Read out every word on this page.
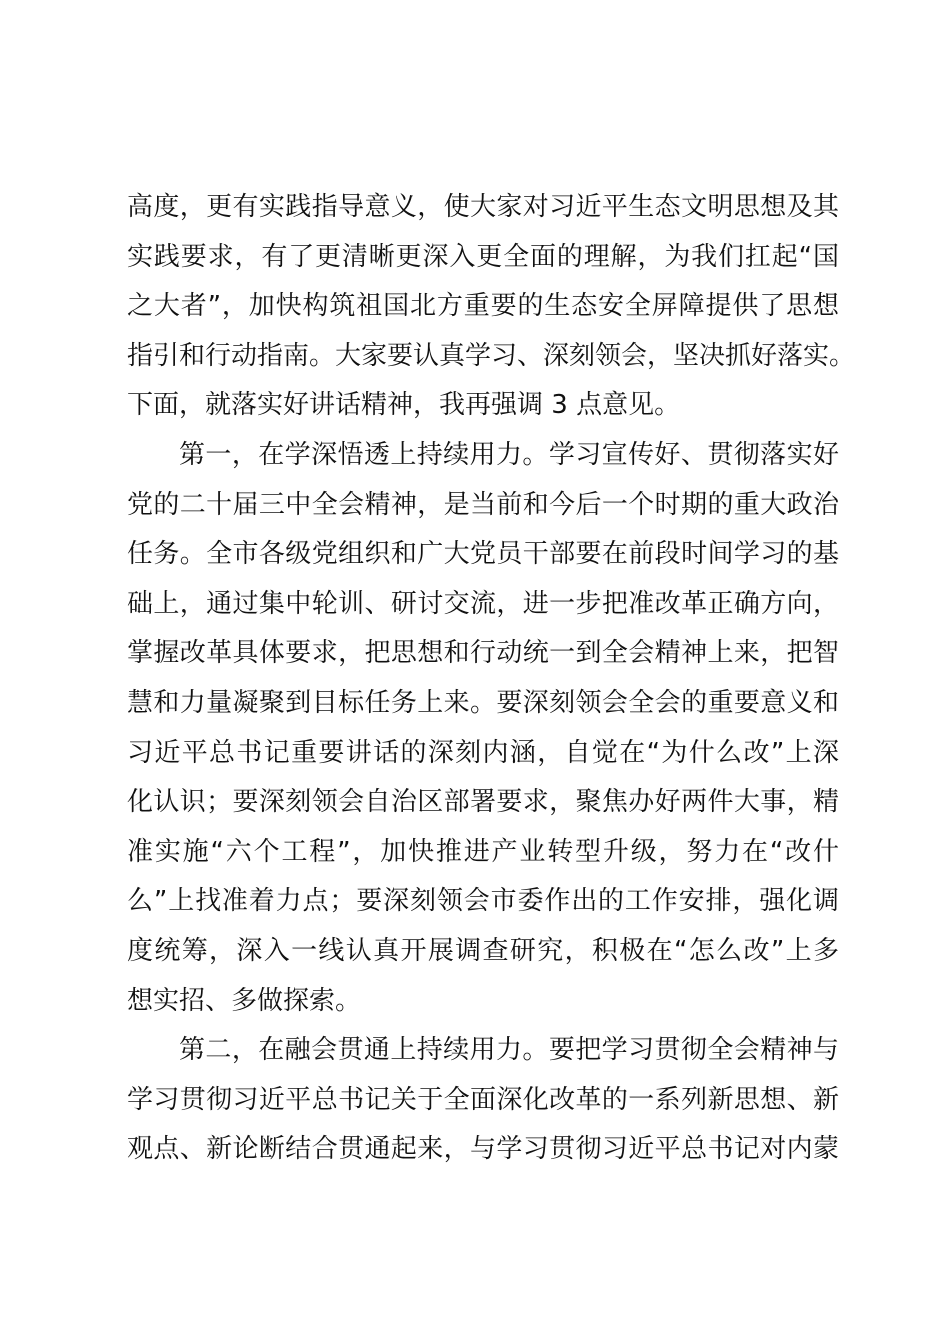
高度，更有实践指导意义，使大家对习近平生态文明思想及其
实践要求，有了更清晰更深入更全面的理解，为我们扛起“国
之大者”，加快构筑祖国北方重要的生态安全屏障提供了思想
指引和行动指南。大家要认真学习、深刻领会，坚决抓好落实。
下面，就落实好讲话精神，我再强调 3 点意见。
第一，在学深悟透上持续用力。学习宣传好、贯彻落实好
党的二十届三中全会精神，是当前和今后一个时期的重大政治
任务。全市各级党组织和广大党员干部要在前段时间学习的基
础上，通过集中轮训、研讨交流，进一步把准改革正确方向，
掌握改革具体要求，把思想和行动统一到全会精神上来，把智
慧和力量凝聚到目标任务上来。要深刻领会全会的重要意义和
习近平总书记重要讲话的深刻内涵，自觉在“为什么改”上深
化认识；要深刻领会自治区部署要求，聚焦办好两件大事，精
准实施“六个工程”，加快推进产业转型升级，努力在“改什
么”上找准着力点；要深刻领会市委作出的工作安排，强化调
度统筹，深入一线认真开展调查研究，积极在“怎么改”上多
想实招、多做探索。
第二，在融会贯通上持续用力。要把学习贯彻全会精神与
学习贯彻习近平总书记关于全面深化改革的一系列新思想、新
观点、新论断结合贯通起来，与学习贯彻习近平总书记对内蒙
